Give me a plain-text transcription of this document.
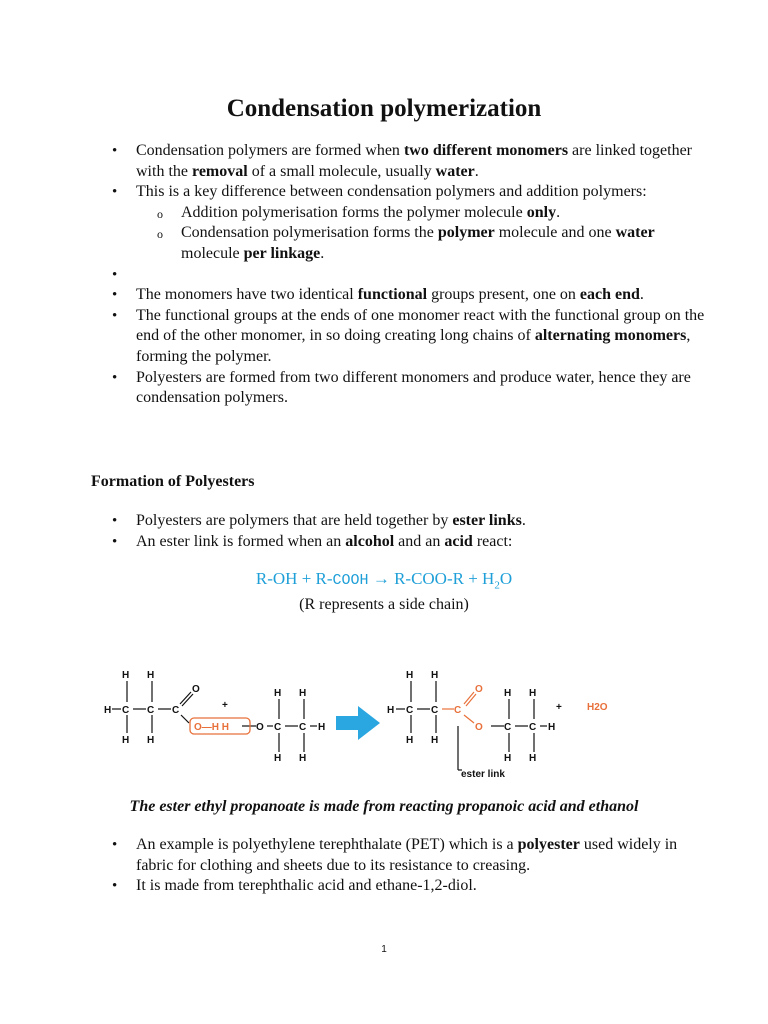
Condensation polymerization
• Condensation polymers are formed when two different monomers are linked together with the removal of a small molecule, usually water.
• This is a key difference between condensation polymers and addition polymers:
o Addition polymerisation forms the polymer molecule only.
o Condensation polymerisation forms the polymer molecule and one water molecule per linkage.
•
• The monomers have two identical functional groups present, one on each end.
• The functional groups at the ends of one monomer react with the functional group on the end of the other monomer, in so doing creating long chains of alternating monomers, forming the polymer.
• Polyesters are formed from two different monomers and produce water, hence they are condensation polymers.
Formation of Polyesters
• Polyesters are polymers that are held together by ester links.
• An ester link is formed when an alcohol and an acid react:
R-OH + R-COOH → $R-COO-R + H_2O$
(R represents a side chain)
H H
H C C C
O
H H
+
O—H H	O
H H
C C H
H H
H H
H C C
H H
H H
C C H
H H
+
ester link
C
O
O
H2O
The ester ethyl propanoate is made from reacting propanoic acid and ethanol
• An example is polyethylene terephthalate (PET) which is a polyester used widely in fabric for clothing and sheets due to its resistance to creasing.
• It is made from terephthalic acid and ethane-1,2-diol.
1
